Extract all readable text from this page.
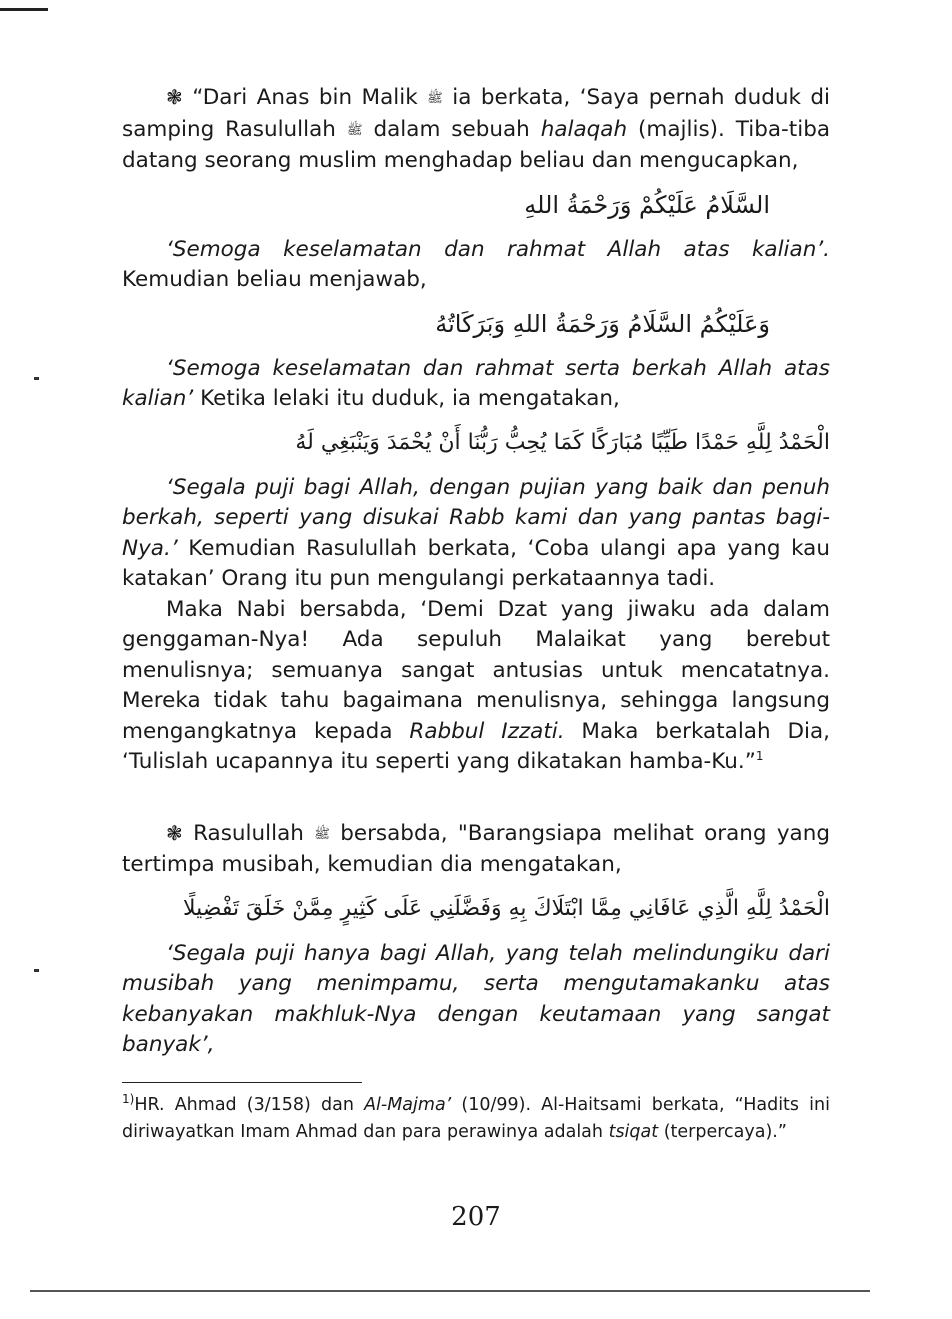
❃ “Dari Anas bin Malik ﷺ ia berkata, ‘Saya pernah duduk di samping Rasulullah ﷺ dalam sebuah halaqah (majlis). Tiba-tiba datang seorang muslim menghadap beliau dan mengucapkan,

السَّلَامُ عَلَيْكُمْ وَرَحْمَةُ اللهِ

‘Semoga keselamatan dan rahmat Allah atas kalian’. Kemudian beliau menjawab,

وَعَلَيْكُمُ السَّلَامُ وَرَحْمَةُ اللهِ وَبَرَكَاتُهُ

‘Semoga keselamatan dan rahmat serta berkah Allah atas kalian’ Ketika lelaki itu duduk, ia mengatakan,

الْحَمْدُ لِلَّهِ حَمْدًا طَيِّبًا مُبَارَكًا كَمَا يُحِبُّ رَبُّنَا أَنْ يُحْمَدَ وَيَنْبَغِي لَهُ

‘Segala puji bagi Allah, dengan pujian yang baik dan penuh berkah, seperti yang disukai Rabb kami dan yang pantas bagi-Nya.’ Kemudian Rasulullah berkata, ‘Coba ulangi apa yang kau katakan’ Orang itu pun mengulangi perkataannya tadi.

Maka Nabi bersabda, ‘Demi Dzat yang jiwaku ada dalam genggaman-Nya! Ada sepuluh Malaikat yang berebut menulisnya; semuanya sangat antusias untuk mencatatnya. Mereka tidak tahu bagaimana menulisnya, sehingga langsung mengangkatnya kepada Rabbul Izzati. Maka berkatalah Dia, ‘Tulislah ucapannya itu seperti yang dikatakan hamba-Ku.”$^1$

❃ Rasulullah ﷺ bersabda, "Barangsiapa melihat orang yang tertimpa musibah, kemudian dia mengatakan,

الْحَمْدُ لِلَّهِ الَّذِي عَافَانِي مِمَّا ابْتَلَاكَ بِهِ وَفَضَّلَنِي عَلَى كَثِيرٍ مِمَّنْ خَلَقَ تَفْضِيلًا

‘Segala puji hanya bagi Allah, yang telah melindungiku dari musibah yang menimpamu, serta mengutamakanku atas kebanyakan makhluk-Nya dengan keutamaan yang sangat banyak’,

$^{1)}$HR. Ahmad (3/158) dan Al-Majma’ (10/99). Al-Haitsami berkata, “Hadits ini diriwayatkan Imam Ahmad dan para perawinya adalah tsiqat (terpercaya).”

207
